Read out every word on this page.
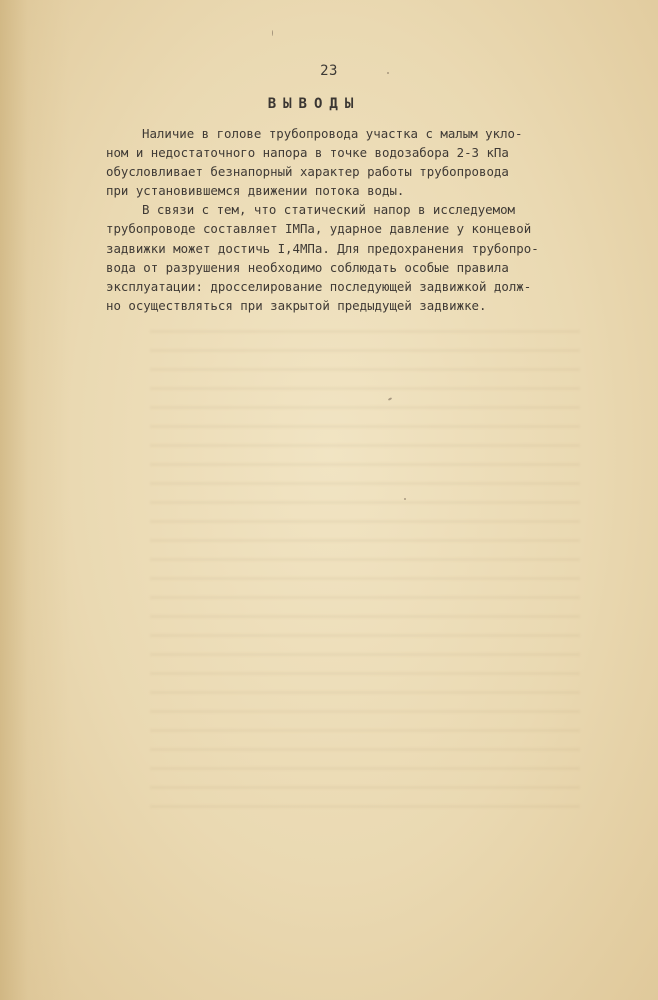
23
ВЫВОДЫ
Наличие в голове трубопровода участка с малым укло-
ном и недостаточного напора в точке водозабора 2-3 кПа
обусловливает безнапорный характер работы трубопровода
при установившемся движении потока воды.
В связи с тем, что статический напор в исследуемом
трубопроводе составляет IМПа, ударное давление у концевой
задвижки может достичь I,4МПа. Для предохранения трубопро-
вода от разрушения необходимо соблюдать особые правила
эксплуатации: дросселирование последующей задвижкой долж-
но осуществляться при закрытой предыдущей задвижке.
